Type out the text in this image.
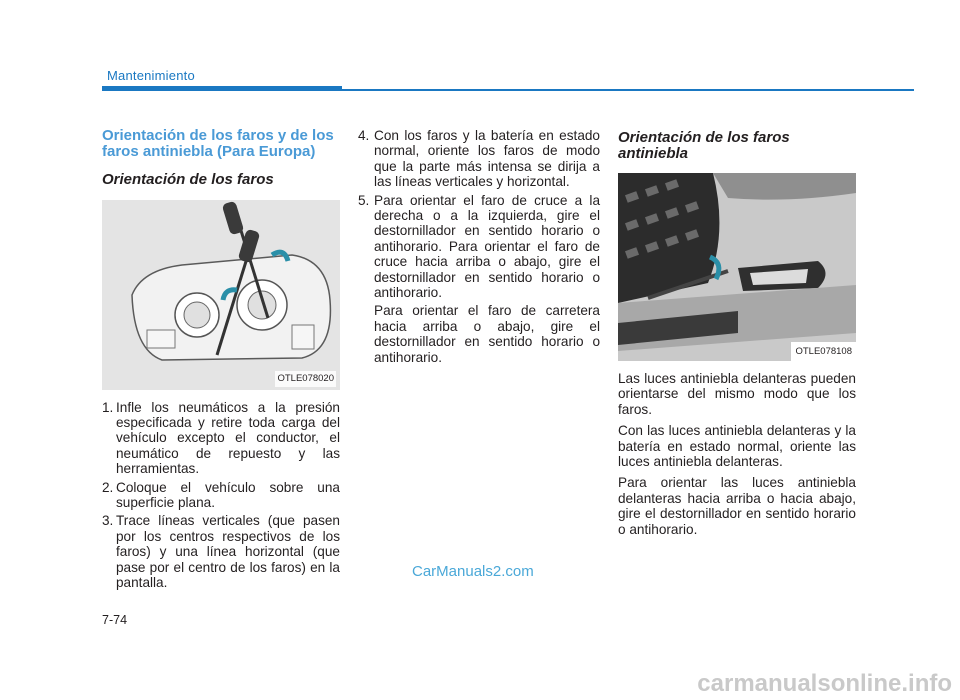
Mantenimiento
Orientación de los faros y de los faros antiniebla (Para Europa)
Orientación de los faros
OTLE078020
1. Infle los neumáticos a la presión especificada y retire toda carga del vehículo excepto el conductor, el neumático de repuesto y las herramientas.
2. Coloque el vehículo sobre una superficie plana.
3. Trace líneas verticales (que pasen por los centros respectivos de los faros) y una línea horizontal (que pase por el centro de los faros) en la pantalla.
4. Con los faros y la batería en estado normal, oriente los faros de modo que la parte más intensa se dirija a las líneas verticales y horizontal.
5. Para orientar el faro de cruce a la derecha o a la izquierda, gire el destornillador en sentido horario o antihorario. Para orientar el faro de cruce hacia arriba o abajo, gire el destornillador en sentido horario o antihorario.

Para orientar el faro de carretera hacia arriba o abajo, gire el destornillador en sentido horario o antihorario.

Orientación de los faros antiniebla
OTLE078108

Las luces antiniebla delanteras pueden orientarse del mismo modo que los faros.

Con las luces antiniebla delanteras y la batería en estado normal, oriente las luces antiniebla delanteras.

Para orientar las luces antiniebla delanteras hacia arriba o hacia abajo, gire el destornillador en sentido horario o antihorario.

CarManuals2.com
7-74
carmanualsonline.info
